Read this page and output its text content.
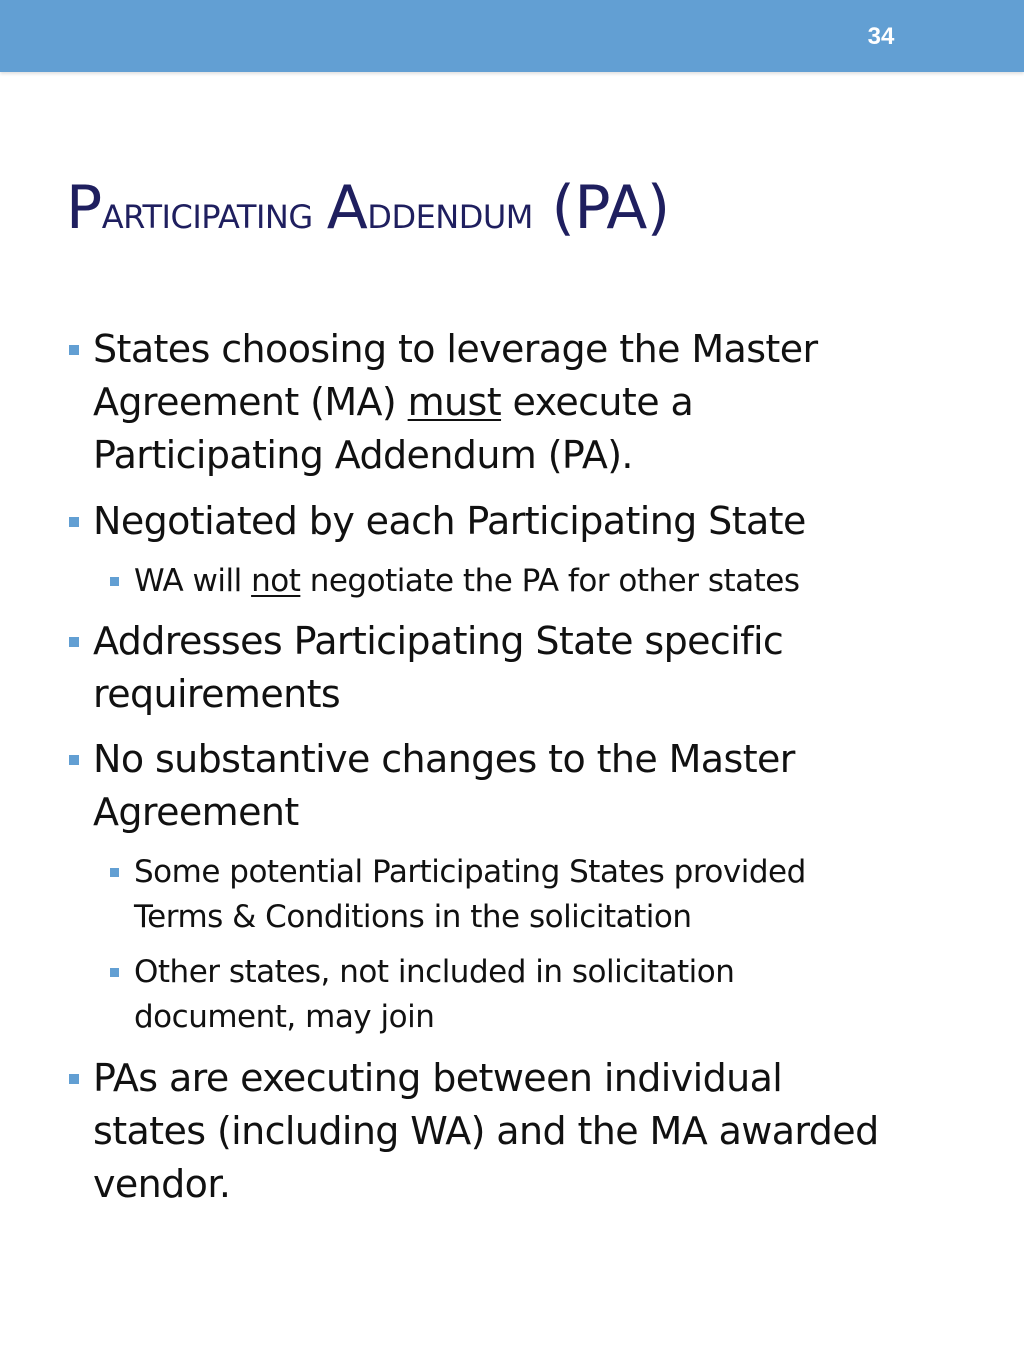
34
Participating Addendum (PA)
States choosing to leverage the Master
Agreement (MA) must execute a
Participating Addendum (PA).
Negotiated by each Participating State
WA will not negotiate the PA for other states
Addresses Participating State specific
requirements
No substantive changes to the Master
Agreement
Some potential Participating States provided
Terms & Conditions in the solicitation
Other states, not included in solicitation
document, may join
PAs are executing between individual
states (including WA) and the MA awarded
vendor.
